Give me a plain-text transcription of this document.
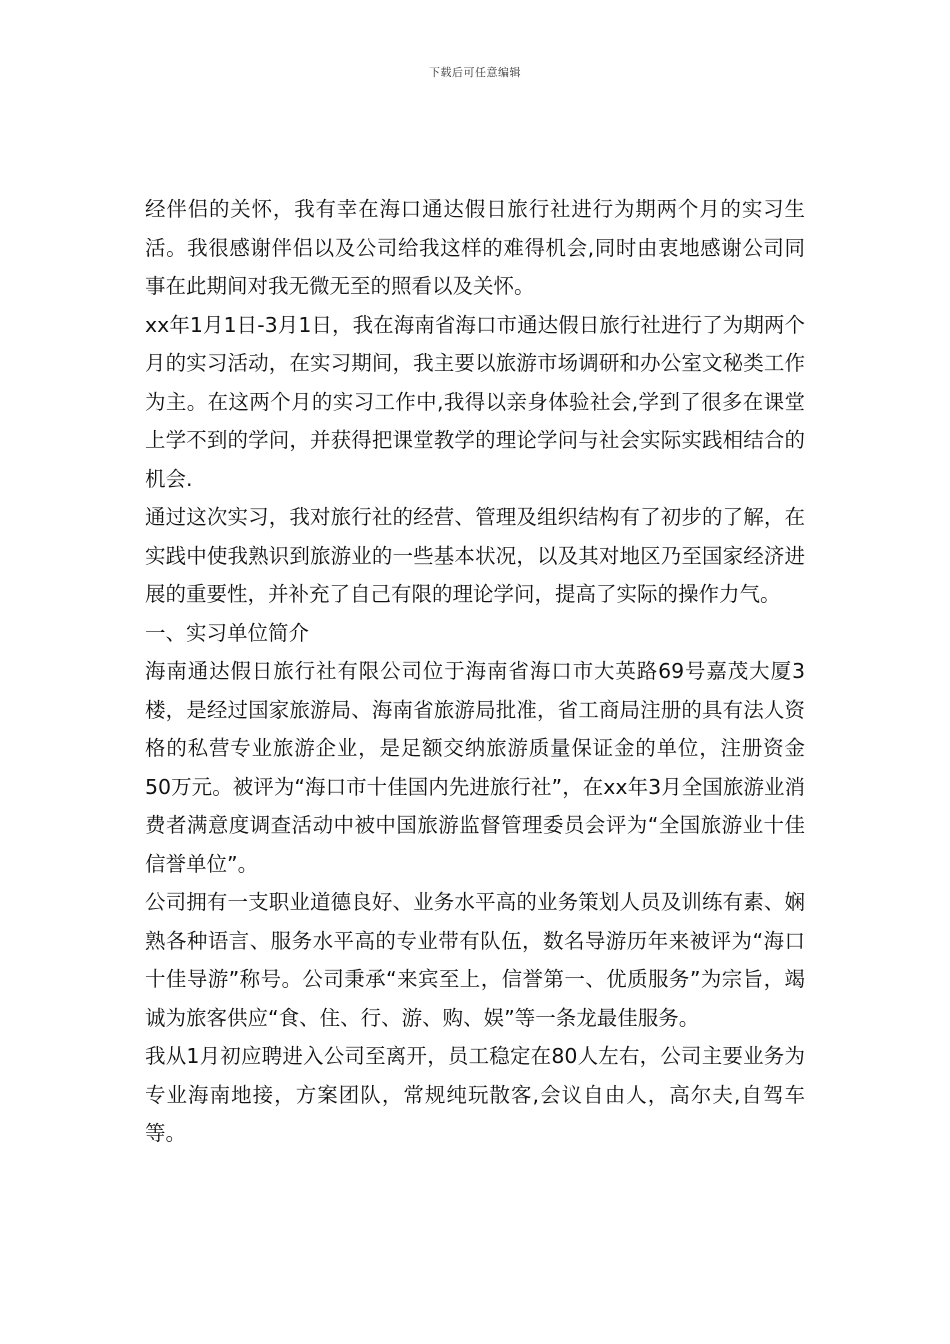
下载后可任意编辑

经伴侣的关怀，我有幸在海口通达假日旅行社进行为期两个月的实习生活。我很感谢伴侣以及公司给我这样的难得机会,同时由衷地感谢公司同事在此期间对我无微无至的照看以及关怀。

xx年1月1日-3月1日，我在海南省海口市通达假日旅行社进行了为期两个月的实习活动，在实习期间，我主要以旅游市场调研和办公室文秘类工作为主。在这两个月的实习工作中,我得以亲身体验社会,学到了很多在课堂上学不到的学问，并获得把课堂教学的理论学问与社会实际实践相结合的机会.

通过这次实习，我对旅行社的经营、管理及组织结构有了初步的了解，在实践中使我熟识到旅游业的一些基本状况，以及其对地区乃至国家经济进展的重要性，并补充了自己有限的理论学问，提高了实际的操作力气。

一、实习单位简介

海南通达假日旅行社有限公司位于海南省海口市大英路69号嘉茂大厦3楼，是经过国家旅游局、海南省旅游局批准，省工商局注册的具有法人资格的私营专业旅游企业，是足额交纳旅游质量保证金的单位，注册资金50万元。被评为“海口市十佳国内先进旅行社”，在xx年3月全国旅游业消费者满意度调查活动中被中国旅游监督管理委员会评为“全国旅游业十佳信誉单位”。

公司拥有一支职业道德良好、业务水平高的业务策划人员及训练有素、娴熟各种语言、服务水平高的专业带有队伍，数名导游历年来被评为“海口十佳导游”称号。公司秉承“来宾至上，信誉第一、优质服务”为宗旨，竭诚为旅客供应“食、住、行、游、购、娱”等一条龙最佳服务。

我从1月初应聘进入公司至离开，员工稳定在80人左右，公司主要业务为专业海南地接，方案团队，常规纯玩散客,会议自由人，高尔夫,自驾车等。
